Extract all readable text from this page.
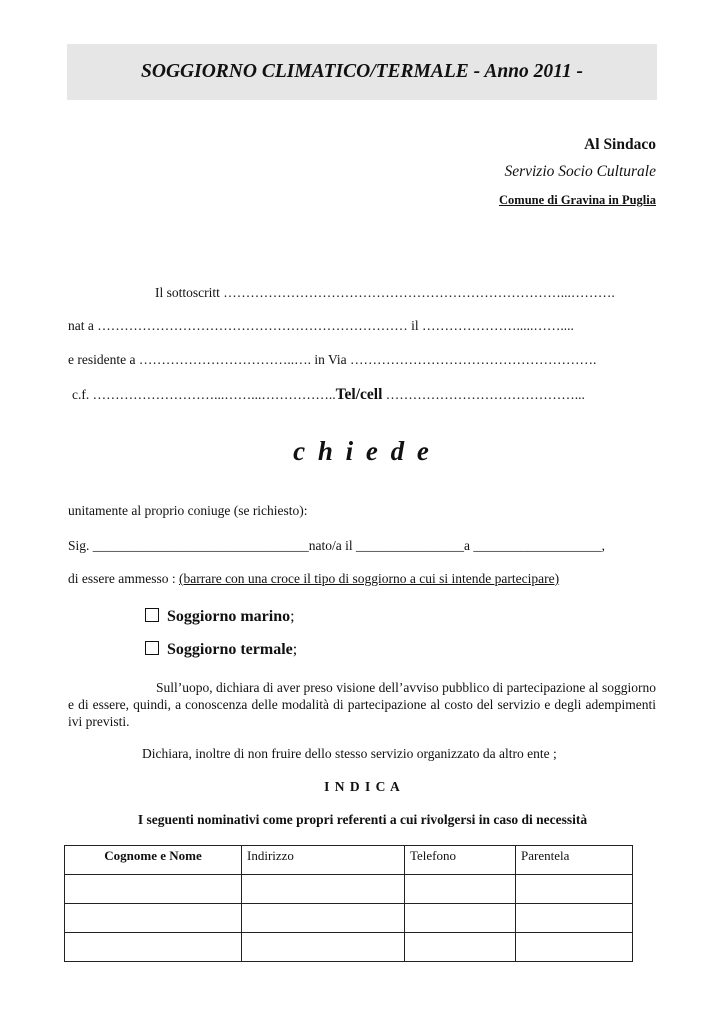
SOGGIORNO CLIMATICO/TERMALE - Anno 2011 -
Al Sindaco
Servizio Socio Culturale
Comune di Gravina in Puglia
Il sottoscritt …………………………………………………………………...……….
nat a …………………………………………………………… il ………………….....……....
e residente a ……………………………..…. in Via ……………………………………………….
c.f. ………………………...……...……………..Tel/cell ……………………………………...
c h i e d e
unitamente al proprio coniuge (se richiesto):
Sig. ________________________________nato/a il ________________a ___________________,
di essere ammesso : (barrare con una croce il tipo di soggiorno a cui si intende partecipare)
Soggiorno marino;
Soggiorno termale;
Sull’uopo, dichiara di aver preso visione dell’avviso pubblico di partecipazione al soggiorno e di essere, quindi, a conoscenza delle modalità di partecipazione al costo del servizio e degli adempimenti ivi previsti.
Dichiara, inoltre di non fruire dello stesso servizio organizzato da altro ente ;
I N D I C A
I seguenti nominativi come propri referenti a cui rivolgersi in caso di necessità
Cognome e Nome	Indirizzo	Telefono	Parentela
